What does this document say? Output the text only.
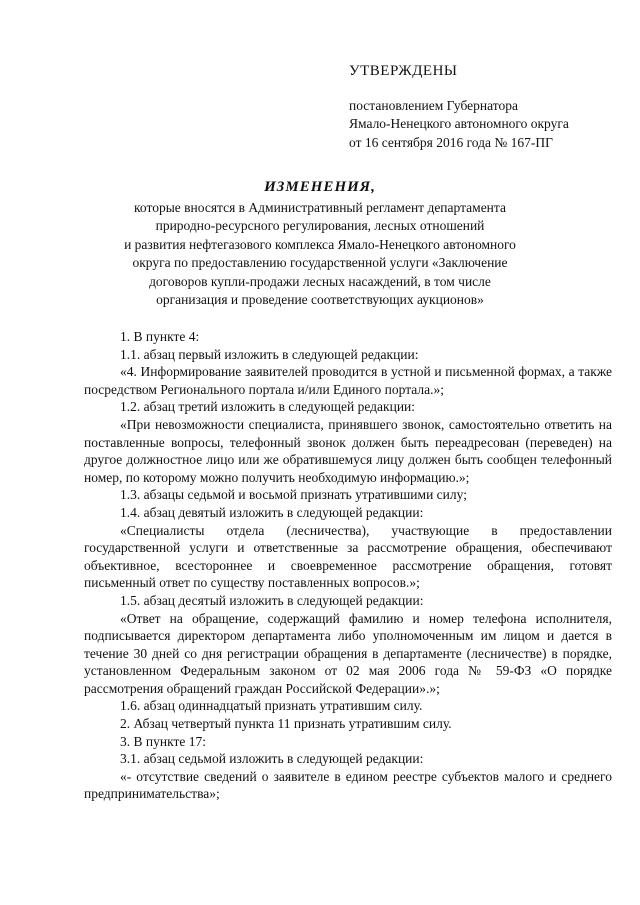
УТВЕРЖДЕНЫ
постановлением Губернатора
Ямало-Ненецкого автономного округа
от 16 сентября 2016 года № 167-ПГ
ИЗМЕНЕНИЯ,
которые вносятся в Административный регламент департамента
природно-ресурсного регулирования, лесных отношений
и развития нефтегазового комплекса Ямало-Ненецкого автономного
округа по предоставлению государственной услуги «Заключение
договоров купли-продажи лесных насаждений, в том числе
организация и проведение соответствующих аукционов»

1. В пункте 4:

1.1. абзац первый изложить в следующей редакции:

«4. Информирование заявителей проводится в устной и письменной формах, а также посредством Регионального портала и/или Единого портала.»;

1.2. абзац третий изложить в следующей редакции:

«При невозможности специалиста, принявшего звонок, самостоятельно ответить на поставленные вопросы, телефонный звонок должен быть переадресован (переведен) на другое должностное лицо или же обратившемуся лицу должен быть сообщен телефонный номер, по которому можно получить необходимую информацию.»;

1.3. абзацы седьмой и восьмой признать утратившими силу;

1.4. абзац девятый изложить в следующей редакции:

«Специалисты отдела (лесничества), участвующие в предоставлении государственной услуги и ответственные за рассмотрение обращения, обеспечивают объективное, всестороннее и своевременное рассмотрение обращения, готовят письменный ответ по существу поставленных вопросов.»;

1.5. абзац десятый изложить в следующей редакции:

«Ответ на обращение, содержащий фамилию и номер телефона исполнителя, подписывается директором департамента либо уполномоченным им лицом и дается в течение 30 дней со дня регистрации обращения в департаменте (лесничестве) в порядке, установленном Федеральным законом от 02 мая 2006 года № 59-ФЗ «О порядке рассмотрения обращений граждан Российской Федерации».»;

1.6. абзац одиннадцатый признать утратившим силу.

2. Абзац четвертый пункта 11 признать утратившим силу.

3. В пункте 17:

3.1. абзац седьмой изложить в следующей редакции:

«- отсутствие сведений о заявителе в едином реестре субъектов малого и среднего предпринимательства»;
